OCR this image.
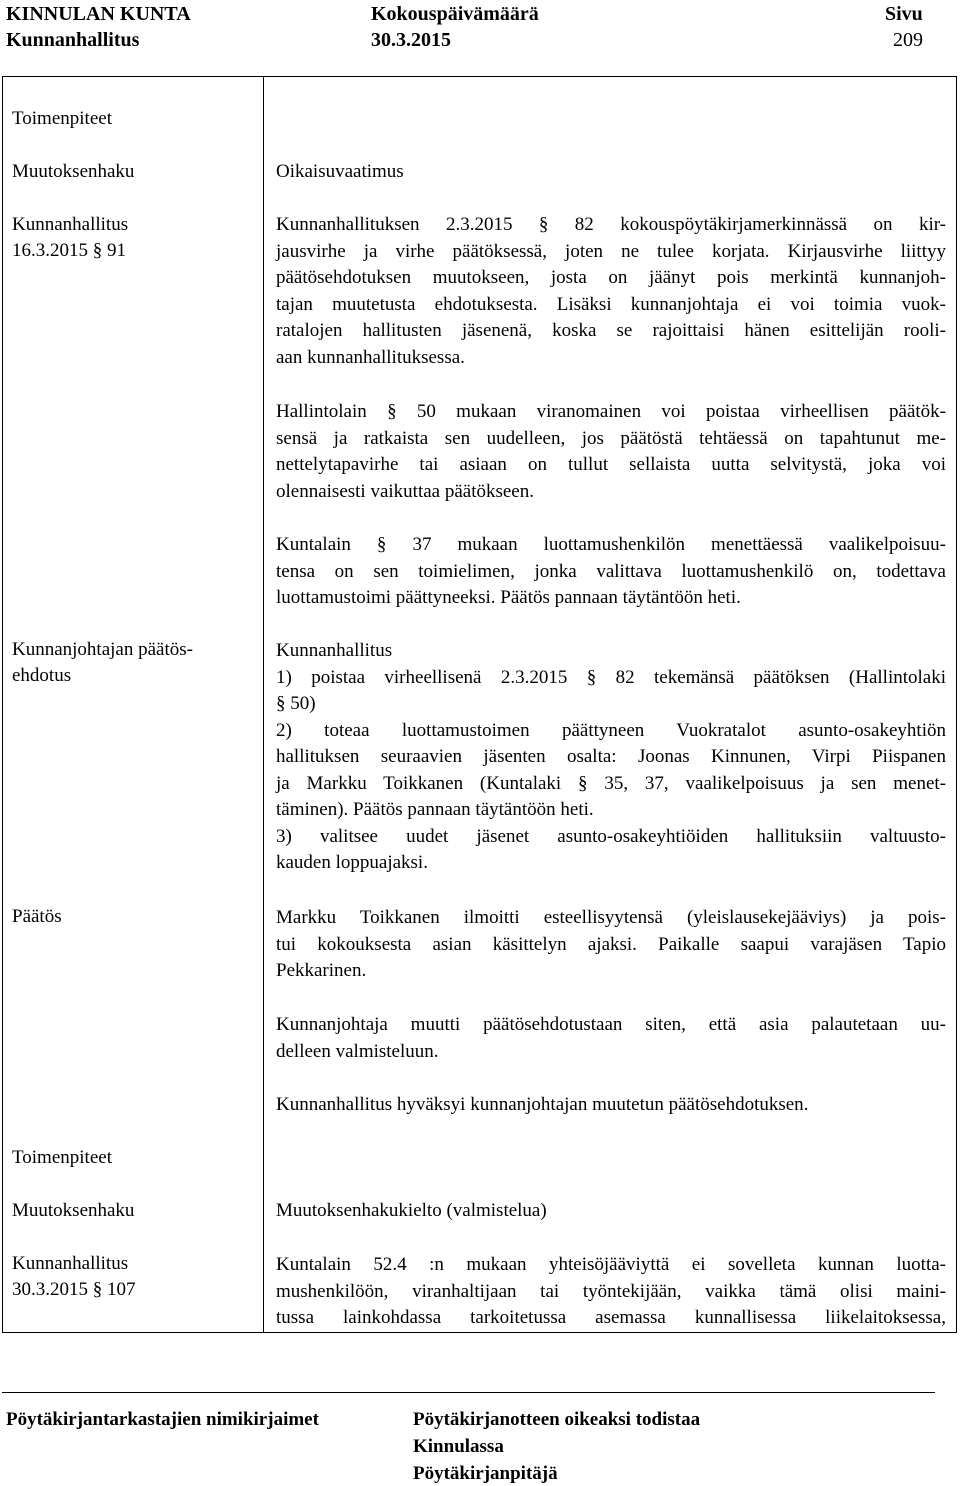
KINNULAN KUNTA
Kunnanhallitus
Kokouspäivämäärä
30.3.2015
Sivu
209
Toimenpiteet
Muutoksenhaku
Kunnanhallitus
16.3.2015 § 91
Kunnanjohtajan päätös-
ehdotus
Päätös
Toimenpiteet
Muutoksenhaku
Kunnanhallitus
30.3.2015 § 107
Oikaisuvaatimus
Kunnanhallituksen 2.3.2015 § 82 kokouspöytäkirjamerkinnässä on kir-
jausvirhe ja virhe päätöksessä, joten ne tulee korjata. Kirjausvirhe liittyy
päätösehdotuksen muutokseen, josta on jäänyt pois merkintä kunnanjoh-
tajan muutetusta ehdotuksesta. Lisäksi kunnanjohtaja ei voi toimia vuok-
ratalojen hallitusten jäsenenä, koska se rajoittaisi hänen esittelijän rooli-
aan kunnanhallituksessa.
Hallintolain § 50 mukaan viranomainen voi poistaa virheellisen päätök-
sensä ja ratkaista sen uudelleen, jos päätöstä tehtäessä on tapahtunut me-
nettelytapavirhe tai asiaan on tullut sellaista uutta selvitystä, joka voi
olennaisesti vaikuttaa päätökseen.
Kuntalain § 37 mukaan luottamushenkilön menettäessä vaalikelpoisuu-
tensa on sen toimielimen, jonka valittava luottamushenkilö on, todettava
luottamustoimi päättyneeksi. Päätös pannaan täytäntöön heti.
Kunnanhallitus
1) poistaa virheellisenä 2.3.2015 § 82 tekemänsä päätöksen (Hallintolaki
§ 50)
2) toteaa luottamustoimen päättyneen Vuokratalot asunto-osakeyhtiön
hallituksen seuraavien jäsenten osalta: Joonas Kinnunen, Virpi Piispanen
ja Markku Toikkanen (Kuntalaki § 35, 37, vaalikelpoisuus ja sen menet-
täminen). Päätös pannaan täytäntöön heti.
3) valitsee uudet jäsenet asunto-osakeyhtiöiden hallituksiin valtuusto-
kauden loppuajaksi.
Markku Toikkanen ilmoitti esteellisyytensä (yleislausekejääviys) ja pois-
tui kokouksesta asian käsittelyn ajaksi. Paikalle saapui varajäsen Tapio
Pekkarinen.
Kunnanjohtaja muutti päätösehdotustaan siten, että asia palautetaan uu-
delleen valmisteluun.
Kunnanhallitus hyväksyi kunnanjohtajan muutetun päätösehdotuksen.
Muutoksenhakukielto (valmistelua)
Kuntalain 52.4 :n mukaan yhteisöjääviyttä ei sovelleta kunnan luotta-
mushenkilöön, viranhaltijaan tai työntekijään, vaikka tämä olisi maini-
tussa lainkohdassa tarkoitetussa asemassa kunnallisessa liikelaitoksessa,
Pöytäkirjantarkastajien nimikirjaimet	Pöytäkirjanotteen oikeaksi todistaa
Kinnulassa
Pöytäkirjanpitäjä
